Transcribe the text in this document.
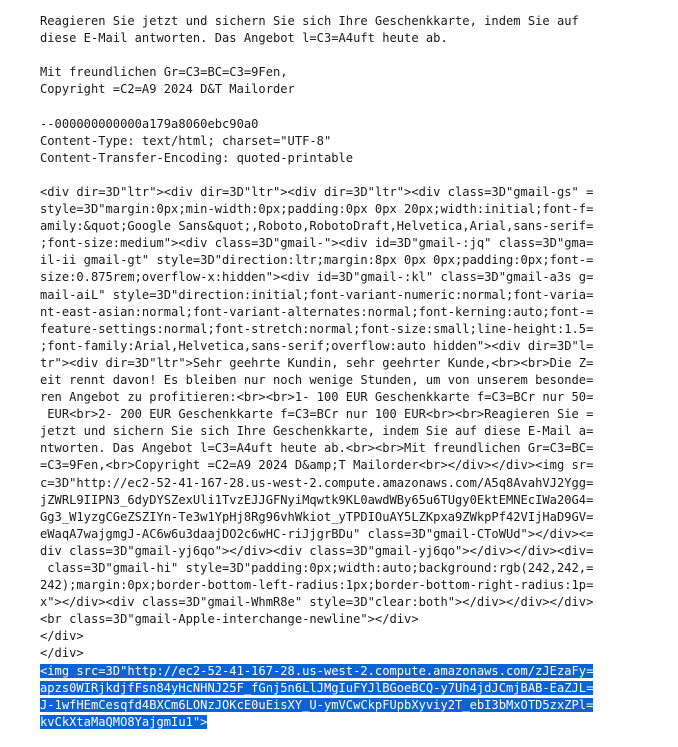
Reagieren Sie jetzt und sichern Sie sich Ihre Geschenkkarte, indem Sie auf
diese E-Mail antworten. Das Angebot l=C3=A4uft heute ab.
Mit freundlichen Gr=C3=BC=C3=9Fen,
Copyright =C2=A9 2024 D&T Mailorder
--000000000000a179a8060ebc90a0
Content-Type: text/html; charset="UTF-8"
Content-Transfer-Encoding: quoted-printable
<div dir=3D"ltr"><div dir=3D"ltr"><div dir=3D"ltr"><div class=3D"gmail-gs" =
style=3D"margin:0px;min-width:0px;padding:0px 0px 20px;width:initial;font-f=
amily:&quot;Google Sans&quot;,Roboto,RobotoDraft,Helvetica,Arial,sans-serif=
;font-size:medium"><div class=3D"gmail-"><div id=3D"gmail-:jq" class=3D"gma=
il-ii gmail-gt" style=3D"direction:ltr;margin:8px 0px 0px;padding:0px;font-=
size:0.875rem;overflow-x:hidden"><div id=3D"gmail-:kl" class=3D"gmail-a3s g=
mail-aiL" style=3D"direction:initial;font-variant-numeric:normal;font-varia=
nt-east-asian:normal;font-variant-alternates:normal;font-kerning:auto;font-=
feature-settings:normal;font-stretch:normal;font-size:small;line-height:1.5=
;font-family:Arial,Helvetica,sans-serif;overflow:auto hidden"><div dir=3D"l=
tr"><div dir=3D"ltr">Sehr geehrte Kundin, sehr geehrter Kunde,<br><br>Die Z=
eit rennt davon! Es bleiben nur noch wenige Stunden, um von unserem besonde=
ren Angebot zu profitieren:<br><br>1- 100 EUR Geschenkkarte f=C3=BCr nur 50=
EUR<br>2- 200 EUR Geschenkkarte f=C3=BCr nur 100 EUR<br><br>Reagieren Sie =
jetzt und sichern Sie sich Ihre Geschenkkarte, indem Sie auf diese E-Mail a=
ntworten. Das Angebot l=C3=A4uft heute ab.<br><br>Mit freundlichen Gr=C3=BC=
=C3=9Fen,<br>Copyright =C2=A9 2024 D&amp;T Mailorder<br></div></div><img sr=
c=3D"http://ec2-52-41-167-28.us-west-2.compute.amazonaws.com/A5q8AvahVJ2Ygg=
jZWRL9IIPN3_6dyDYSZexUli1TvzEJJGFNyiMqwtk9KL0awdWBy65u6TUgy0EktEMNEcIWa20G4=
Gg3_W1yzgCGeZSZIYn-Te3w1YpHj8Rg96vhWkiot_yTPDIOuAY5LZKpxa9ZWkpPf42VIjHaD9GV=
eWaqA7wajgmgJ-AC6w6u3daajDO2c6wHC-riJjgrBDu" class=3D"gmail-CToWUd"></div><=
div class=3D"gmail-yj6qo"></div><div class=3D"gmail-yj6qo"></div></div><div=
class=3D"gmail-hi" style=3D"padding:0px;width:auto;background:rgb(242,242,=
242);margin:0px;border-bottom-left-radius:1px;border-bottom-right-radius:1p=
x"></div><div class=3D"gmail-WhmR8e" style=3D"clear:both"></div></div></div>
<br class=3D"gmail-Apple-interchange-newline"></div>
</div>
</div>
<img src=3D"http://ec2-52-41-167-28.us-west-2.compute.amazonaws.com/zJEzaFy=
apzs0WIRjkdjfFsn84yHcNHNJ25F_fGnj5n6LlJMgIuFYJlBGoeBCQ-y7Uh4jdJCmjBAB-EaZJL=
J-1wfHEmCesqfd4BXCm6LONzJOKcE0uEisXY_U-ymVCwCkpFUpbXyviy2T_ebI3bMxOTD5zxZPl=
kvCkXtaMaQMO8YajgmIu1">
